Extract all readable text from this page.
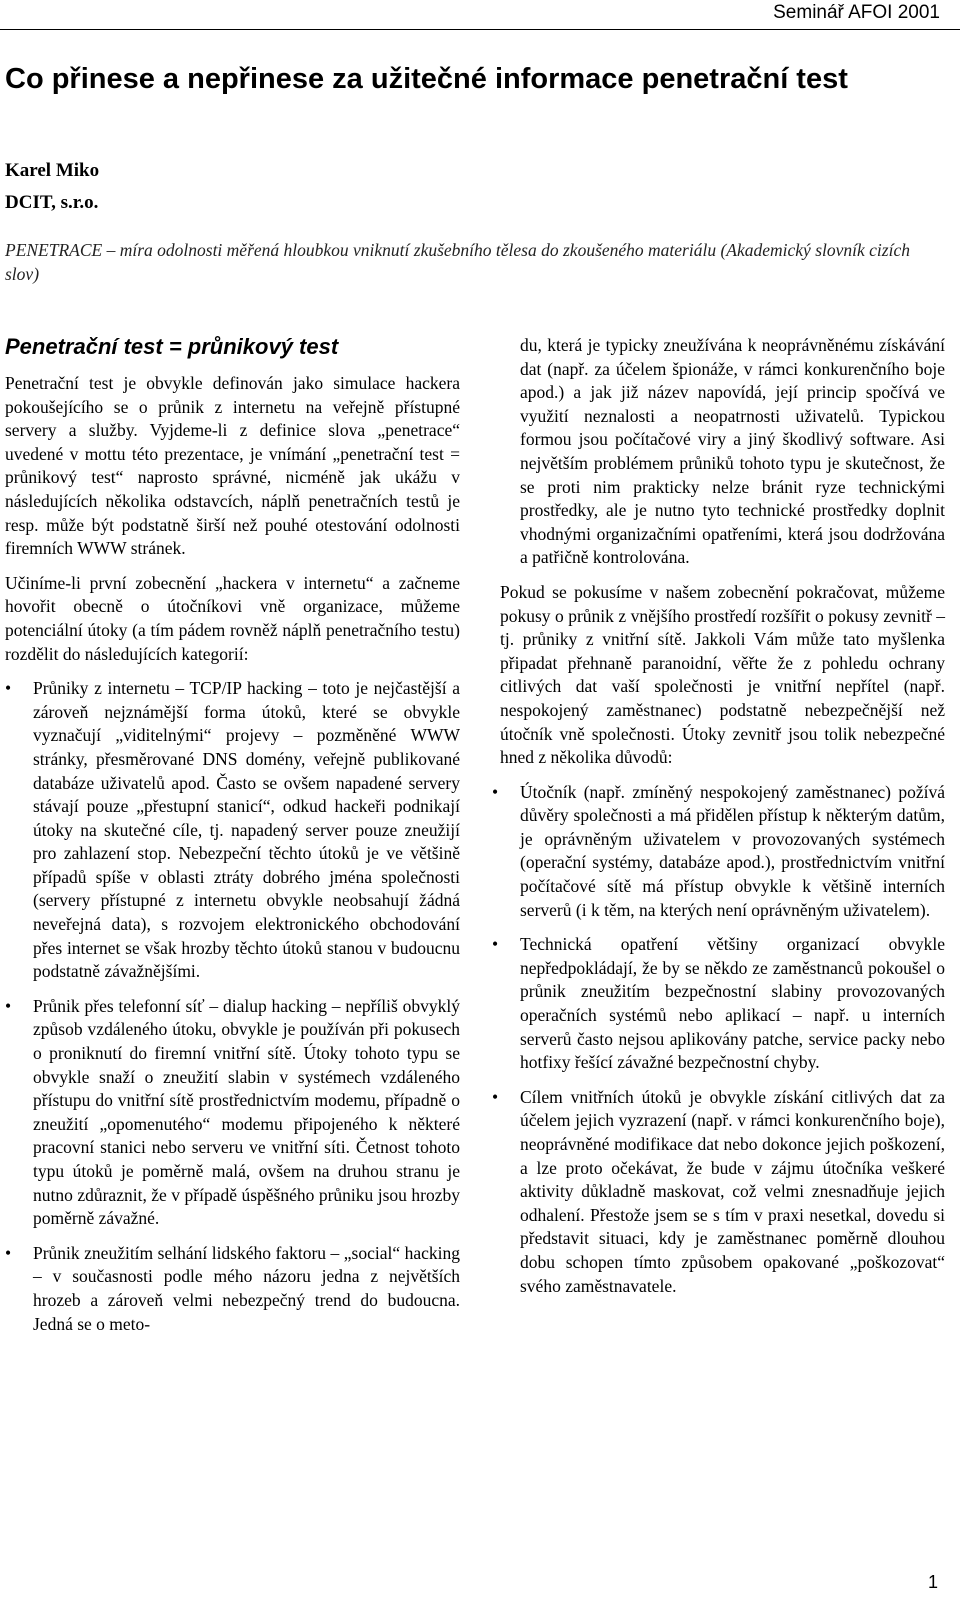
Seminář AFOI 2001
Co přinese a nepřinese za užitečné informace penetrační test
Karel Miko
DCIT, s.r.o.
PENETRACE – míra odolnosti měřená hloubkou vniknutí zkušebního tělesa do zkoušeného materiálu (Akademický slovník cizích slov)
Penetrační test = průnikový test

Penetrační test je obvykle definován jako simulace hackera pokoušejícího se o průnik z internetu na veřejně přístupné servery a služby. Vyjdeme-li z definice slova „penetrace“ uvedené v mottu této prezentace, je vnímání „penetrační test = průnikový test“ naprosto správné, nicméně jak ukážu v následujících několika odstavcích, náplň penetračních testů je resp. může být podstatně širší než pouhé otestování odolnosti firemních WWW stránek.

Učiníme-li první zobecnění „hackera v internetu“ a začneme hovořit obecně o útočníkovi vně organizace, můžeme potenciální útoky (a tím pádem rovněž náplň penetračního testu) rozdělit do následujících kategorií:

• Průniky z internetu – TCP/IP hacking – toto je nejčastější a zároveň nejznámější forma útoků, které se obvykle vyznačují „viditelnými“ projevy – pozměněné WWW stránky, přesměrované DNS domény, veřejně publikované databáze uživatelů apod. Často se ovšem napadené servery stávají pouze „přestupní stanicí“, odkud hackeři podnikají útoky na skutečné cíle, tj. napadený server pouze zneužijí pro zahlazení stop. Nebezpeční těchto útoků je ve většině případů spíše v oblasti ztráty dobrého jména společnosti (servery přístupné z internetu obvykle neobsahují žádná neveřejná data), s rozvojem elektronického obchodování přes internet se však hrozby těchto útoků stanou v budoucnu podstatně závažnějšími.
• Průnik přes telefonní síť – dialup hacking – nepříliš obvyklý způsob vzdáleného útoku, obvykle je používán při pokusech o proniknutí do firemní vnitřní sítě. Útoky tohoto typu se obvykle snaží o zneužití slabin v systémech vzdáleného přístupu do vnitřní sítě prostřednictvím modemu, případně o zneužití „opomenutého“ modemu připojeného k některé pracovní stanici nebo serveru ve vnitřní síti. Četnost tohoto typu útoků je poměrně malá, ovšem na druhou stranu je nutno zdůraznit, že v případě úspěšného průniku jsou hrozby poměrně závažné.
• Průnik zneužitím selhání lidského faktoru – „social“ hacking – v současnosti podle mého názoru jedna z největších hrozeb a zároveň velmi nebezpečný trend do budoucna. Jedná se o meto-

du, která je typicky zneužívána k neoprávněnému získávání dat (např. za účelem špionáže, v rámci konkurenčního boje apod.) a jak již název napovídá, její princip spočívá ve využití neznalosti a neopatrnosti uživatelů. Typickou formou jsou počítačové viry a jiný škodlivý software. Asi největším problémem průniků tohoto typu je skutečnost, že se proti nim prakticky nelze bránit ryze technickými prostředky, ale je nutno tyto technické prostředky doplnit vhodnými organizačními opatřeními, která jsou dodržována a patřičně kontrolována.

Pokud se pokusíme v našem zobecnění pokračovat, můžeme pokusy o průnik z vnějšího prostředí rozšířit o pokusy zevnitř – tj. průniky z vnitřní sítě. Jakkoli Vám může tato myšlenka připadat přehnaně paranoidní, věřte že z pohledu ochrany citlivých dat vaší společnosti je vnitřní nepřítel (např. nespokojený zaměstnanec) podstatně nebezpečnější než útočník vně společnosti. Útoky zevnitř jsou tolik nebezpečné hned z několika důvodů:

• Útočník (např. zmíněný nespokojený zaměstnanec) požívá důvěry společnosti a má přidělen přístup k některým datům, je oprávněným uživatelem v provozovaných systémech (operační systémy, databáze apod.), prostřednictvím vnitřní počítačové sítě má přístup obvykle k většině interních serverů (i k těm, na kterých není oprávněným uživatelem).
• Technická opatření většiny organizací obvykle nepředpokládají, že by se někdo ze zaměstnanců pokoušel o průnik zneužitím bezpečnostní slabiny provozovaných operačních systémů nebo aplikací – např. u interních serverů často nejsou aplikovány patche, service packy nebo hotfixy řešící závažné bezpečnostní chyby.
• Cílem vnitřních útoků je obvykle získání citlivých dat za účelem jejich vyzrazení (např. v rámci konkurenčního boje), neoprávněné modifikace dat nebo dokonce jejich poškození, a lze proto očekávat, že bude v zájmu útočníka veškeré aktivity důkladně maskovat, což velmi znesnadňuje jejich odhalení. Přestože jsem se s tím v praxi nesetkal, dovedu si představit situaci, kdy je zaměstnanec poměrně dlouhou dobu schopen tímto způsobem opakované „poškozovat“ svého zaměstnavatele.
1
